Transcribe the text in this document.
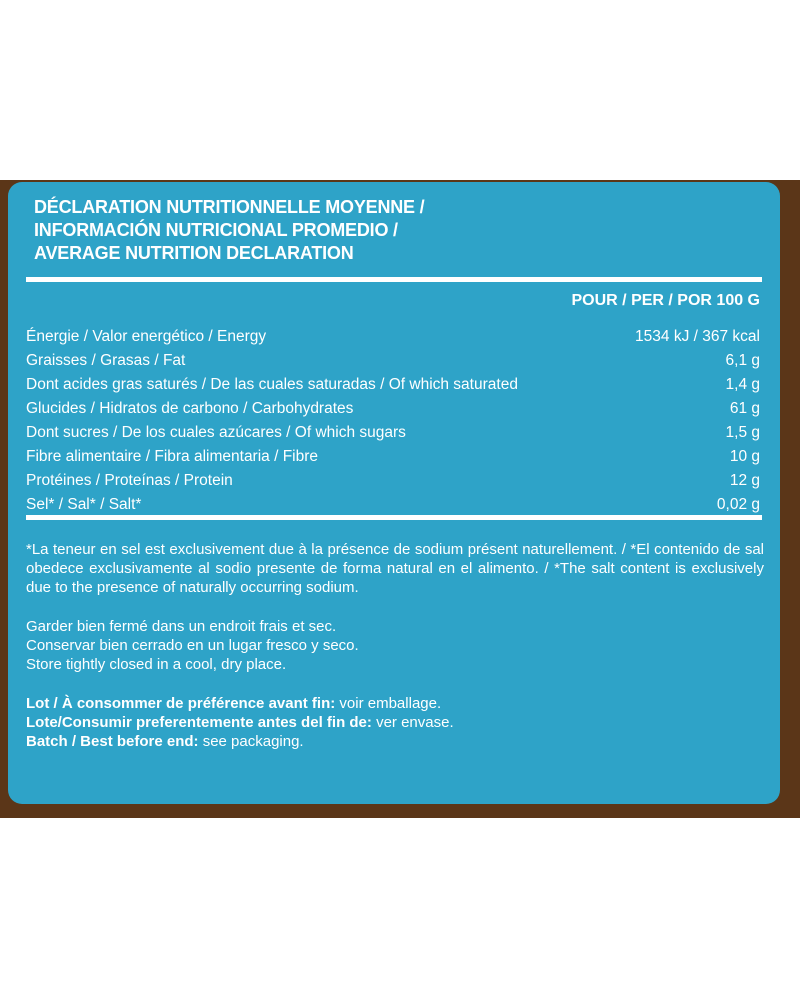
DÉCLARATION NUTRITIONNELLE MOYENNE /
INFORMACIÓN NUTRICIONAL PROMEDIO /
AVERAGE NUTRITION DECLARATION
POUR / PER / POR 100 G
Énergie / Valor energético / Energy	1534 kJ / 367 kcal
Graisses / Grasas / Fat	6,1 g
Dont acides gras saturés / De las cuales saturadas / Of which saturated	1,4 g
Glucides / Hidratos de carbono / Carbohydrates	61 g
Dont sucres / De los cuales azúcares / Of which sugars	1,5 g
Fibre alimentaire / Fibra alimentaria / Fibre	10 g
Protéines / Proteínas / Protein	12 g
Sel* / Sal* / Salt*	0,02 g

*La teneur en sel est exclusivement due à la présence de sodium présent naturellement. / *El contenido de sal obedece exclusivamente al sodio presente de forma natural en el alimento. / *The salt content is exclusively due to the presence of naturally occurring sodium.

Garder bien fermé dans un endroit frais et sec.
Conservar bien cerrado en un lugar fresco y seco.
Store tightly closed in a cool, dry place.
Lot / À consommer de préférence avant fin: voir emballage.
Lote/Consumir preferentemente antes del fin de: ver envase.
Batch / Best before end: see packaging.
